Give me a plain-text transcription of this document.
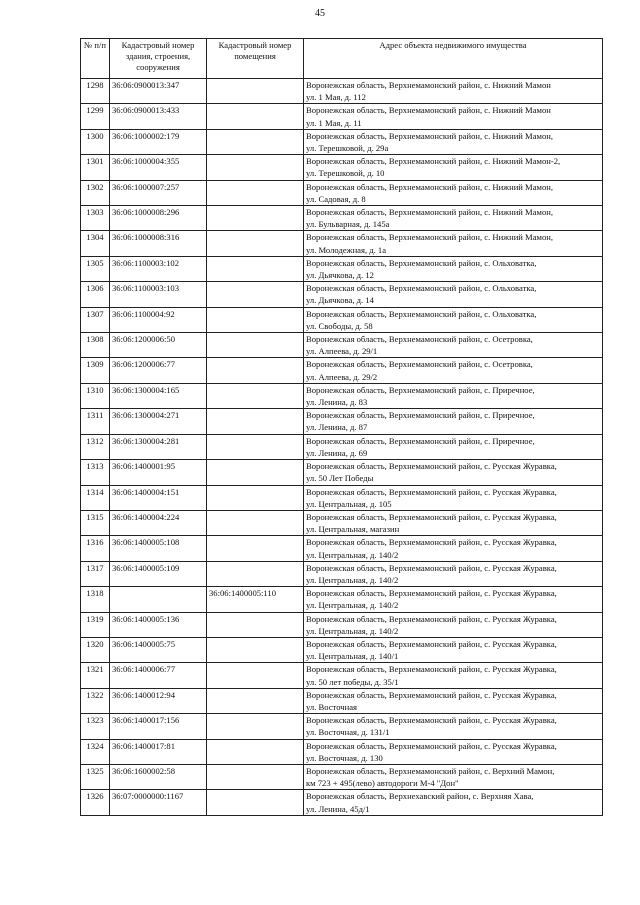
45
№ п/п	Кадастровый номер здания, строения, сооружения	Кадастровый номер помещения	Адрес объекта недвижимого имущества
1298	36:06:0900013:347		Воронежская область, Верхнемамонский район, с. Нижний Мамон
ул. 1 Мая, д. 112

1299	36:06:0900013:433		Воронежская область, Верхнемамонский район, с. Нижний Мамон
ул. 1 Мая, д. 11

1300	36:06:1000002:179		Воронежская область, Верхнемамонский район, с. Нижний Мамон,
ул. Терешковой, д. 29а

1301	36:06:1000004:355		Воронежская область, Верхнемамонский район, с. Нижний Мамон-2,
ул. Терешковой, д. 10

1302	36:06:1000007:257		Воронежская область, Верхнемамонский район, с. Нижний Мамон,
ул. Садовая, д. 8

1303	36:06:1000008:296		Воронежская область, Верхнемамонский район, с. Нижний Мамон,
ул. Бульварная, д. 145а

1304	36:06:1000008:316		Воронежская область, Верхнемамонский район, с. Нижний Мамон,
ул. Молодежная, д. 1а

1305	36:06:1100003:102		Воронежская область, Верхнемамонский район, с. Ольховатка,
ул. Дьячкова, д. 12

1306	36:06:1100003:103		Воронежская область, Верхнемамонский район, с. Ольховатка,
ул. Дьячкова, д. 14

1307	36:06:1100004:92		Воронежская область, Верхнемамонский район, с. Ольховатка,
ул. Свободы, д. 58

1308	36:06:1200006:50		Воронежская область, Верхнемамонский район, с. Осетровка,
ул. Алпеева, д. 29/1

1309	36:06:1200006:77		Воронежская область, Верхнемамонский район, с. Осетровка,
ул. Алпеева, д. 29/2

1310	36:06:1300004:165		Воронежская область, Верхнемамонский район, с. Приречное,
ул. Ленина, д. 83

1311	36:06:1300004:271		Воронежская область, Верхнемамонский район, с. Приречное,
ул. Ленина, д. 87

1312	36:06:1300004:281		Воронежская область, Верхнемамонский район, с. Приречное,
ул. Ленина, д. 69

1313	36:06:1400001:95		Воронежская область, Верхнемамонский район, с. Русская Журавка,
ул. 50 Лет Победы

1314	36:06:1400004:151		Воронежская область, Верхнемамонский район, с. Русская Журавка,
ул. Центральная, д. 105

1315	36:06:1400004:224		Воронежская область, Верхнемамонский район, с. Русская Журавка,
ул. Центральная, магазин

1316	36:06:1400005:108		Воронежская область, Верхнемамонский район, с. Русская Журавка,
ул. Центральная, д. 140/2

1317	36:06:1400005:109		Воронежская область, Верхнемамонский район, с. Русская Журавка,
ул. Центральная, д. 140/2

1318		36:06:1400005:110	Воронежская область, Верхнемамонский район, с. Русская Журавка,
ул. Центральная, д. 140/2

1319	36:06:1400005:136		Воронежская область, Верхнемамонский район, с. Русская Журавка,
ул. Центральная, д. 140/2

1320	36:06:1400005:75		Воронежская область, Верхнемамонский район, с. Русская Журавка,
ул. Центральная, д. 140/1

1321	36:06:1400006:77		Воронежская область, Верхнемамонский район, с. Русская Журавка,
ул. 50 лет победы, д. 35/1

1322	36:06:1400012:94		Воронежская область, Верхнемамонский район, с. Русская Журавка,
ул. Восточная

1323	36:06:1400017:156		Воронежская область, Верхнемамонский район, с. Русская Журавка,
ул. Восточная, д. 131/1

1324	36:06:1400017:81		Воронежская область, Верхнемамонский район, с. Русская Журавка,
ул. Восточная, д. 130

1325	36:06:1600002:58		Воронежская область, Верхнемамонский район, с. Верхний Мамон,
км 723 + 495(лево) автодороги М-4 "Дон"

1326	36:07:0000000:1167		Воронежская область, Верхнехавский район, с. Верхняя Хава,
ул. Ленина, 45д/1
